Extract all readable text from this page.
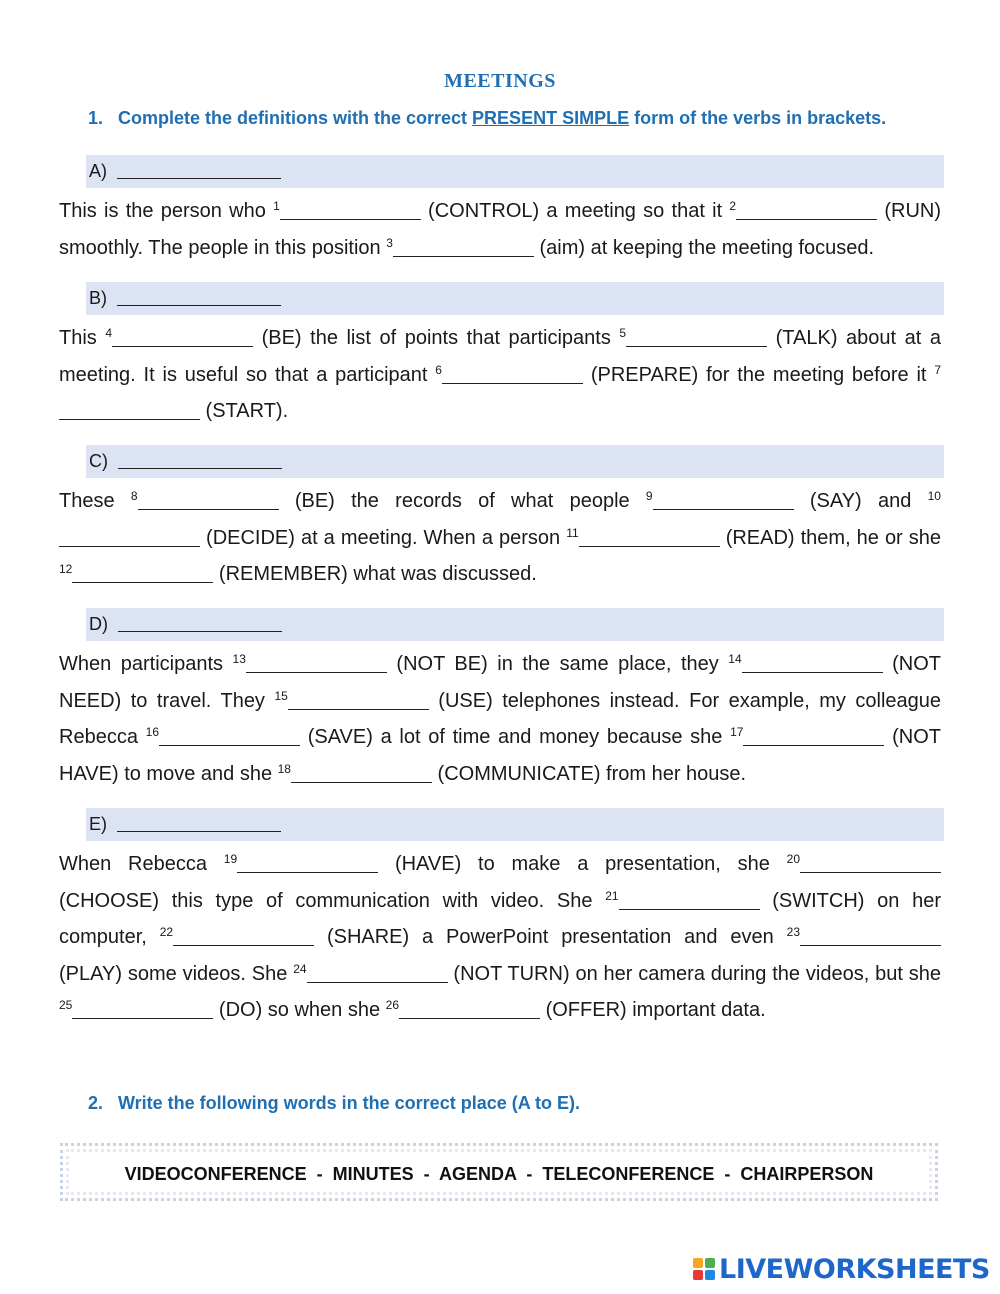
MEETINGS
1. Complete the definitions with the correct PRESENT SIMPLE form of the verbs in brackets.
A)
B)
C)
D)
E)
This is the person who $^1$	(CONTROL) a meeting so that it $^2$	(RUN) smoothly. The people in this position $^3$	(aim) at keeping the meeting focused.
This $^4$	(BE) the list of points that participants $^5$	(TALK) about at a meeting. It is useful so that a participant $^6$	(PREPARE) for the meeting before it $^7$ (START).
These $^8$	(BE) the records of what people $^9$	(SAY) and $^{10}$ (DECIDE) at a meeting. When a person $^{11}$	(READ) them, he or she $^{12}$	(REMEMBER) what was discussed.
When participants $^{13}$	(NOT BE) in the same place, they $^{14}$	(NOT NEED) to travel. They $^{15}$	(USE) telephones instead. For example, my colleague Rebecca $^{16}$	(SAVE) a lot of time and money because she $^{17}$	(NOT HAVE) to move and she $^{18}$	(COMMUNICATE) from her house.
When Rebecca $^{19}$	(HAVE) to make a presentation, she $^{20}$ (CHOOSE) this type of communication with video. She $^{21}$	(SWITCH) on her computer, $^{22}$	(SHARE) a PowerPoint presentation and even $^{23}$ (PLAY) some videos. She $^{24}$	(NOT TURN) on her camera during the videos, but she $^{25}$	(DO) so when she $^{26}$	(OFFER) important data.
2. Write the following words in the correct place (A to E).
VIDEOCONFERENCE  -  MINUTES  -  AGENDA  -  TELECONFERENCE  -  CHAIRPERSON
LIVEWORKSHEETS
